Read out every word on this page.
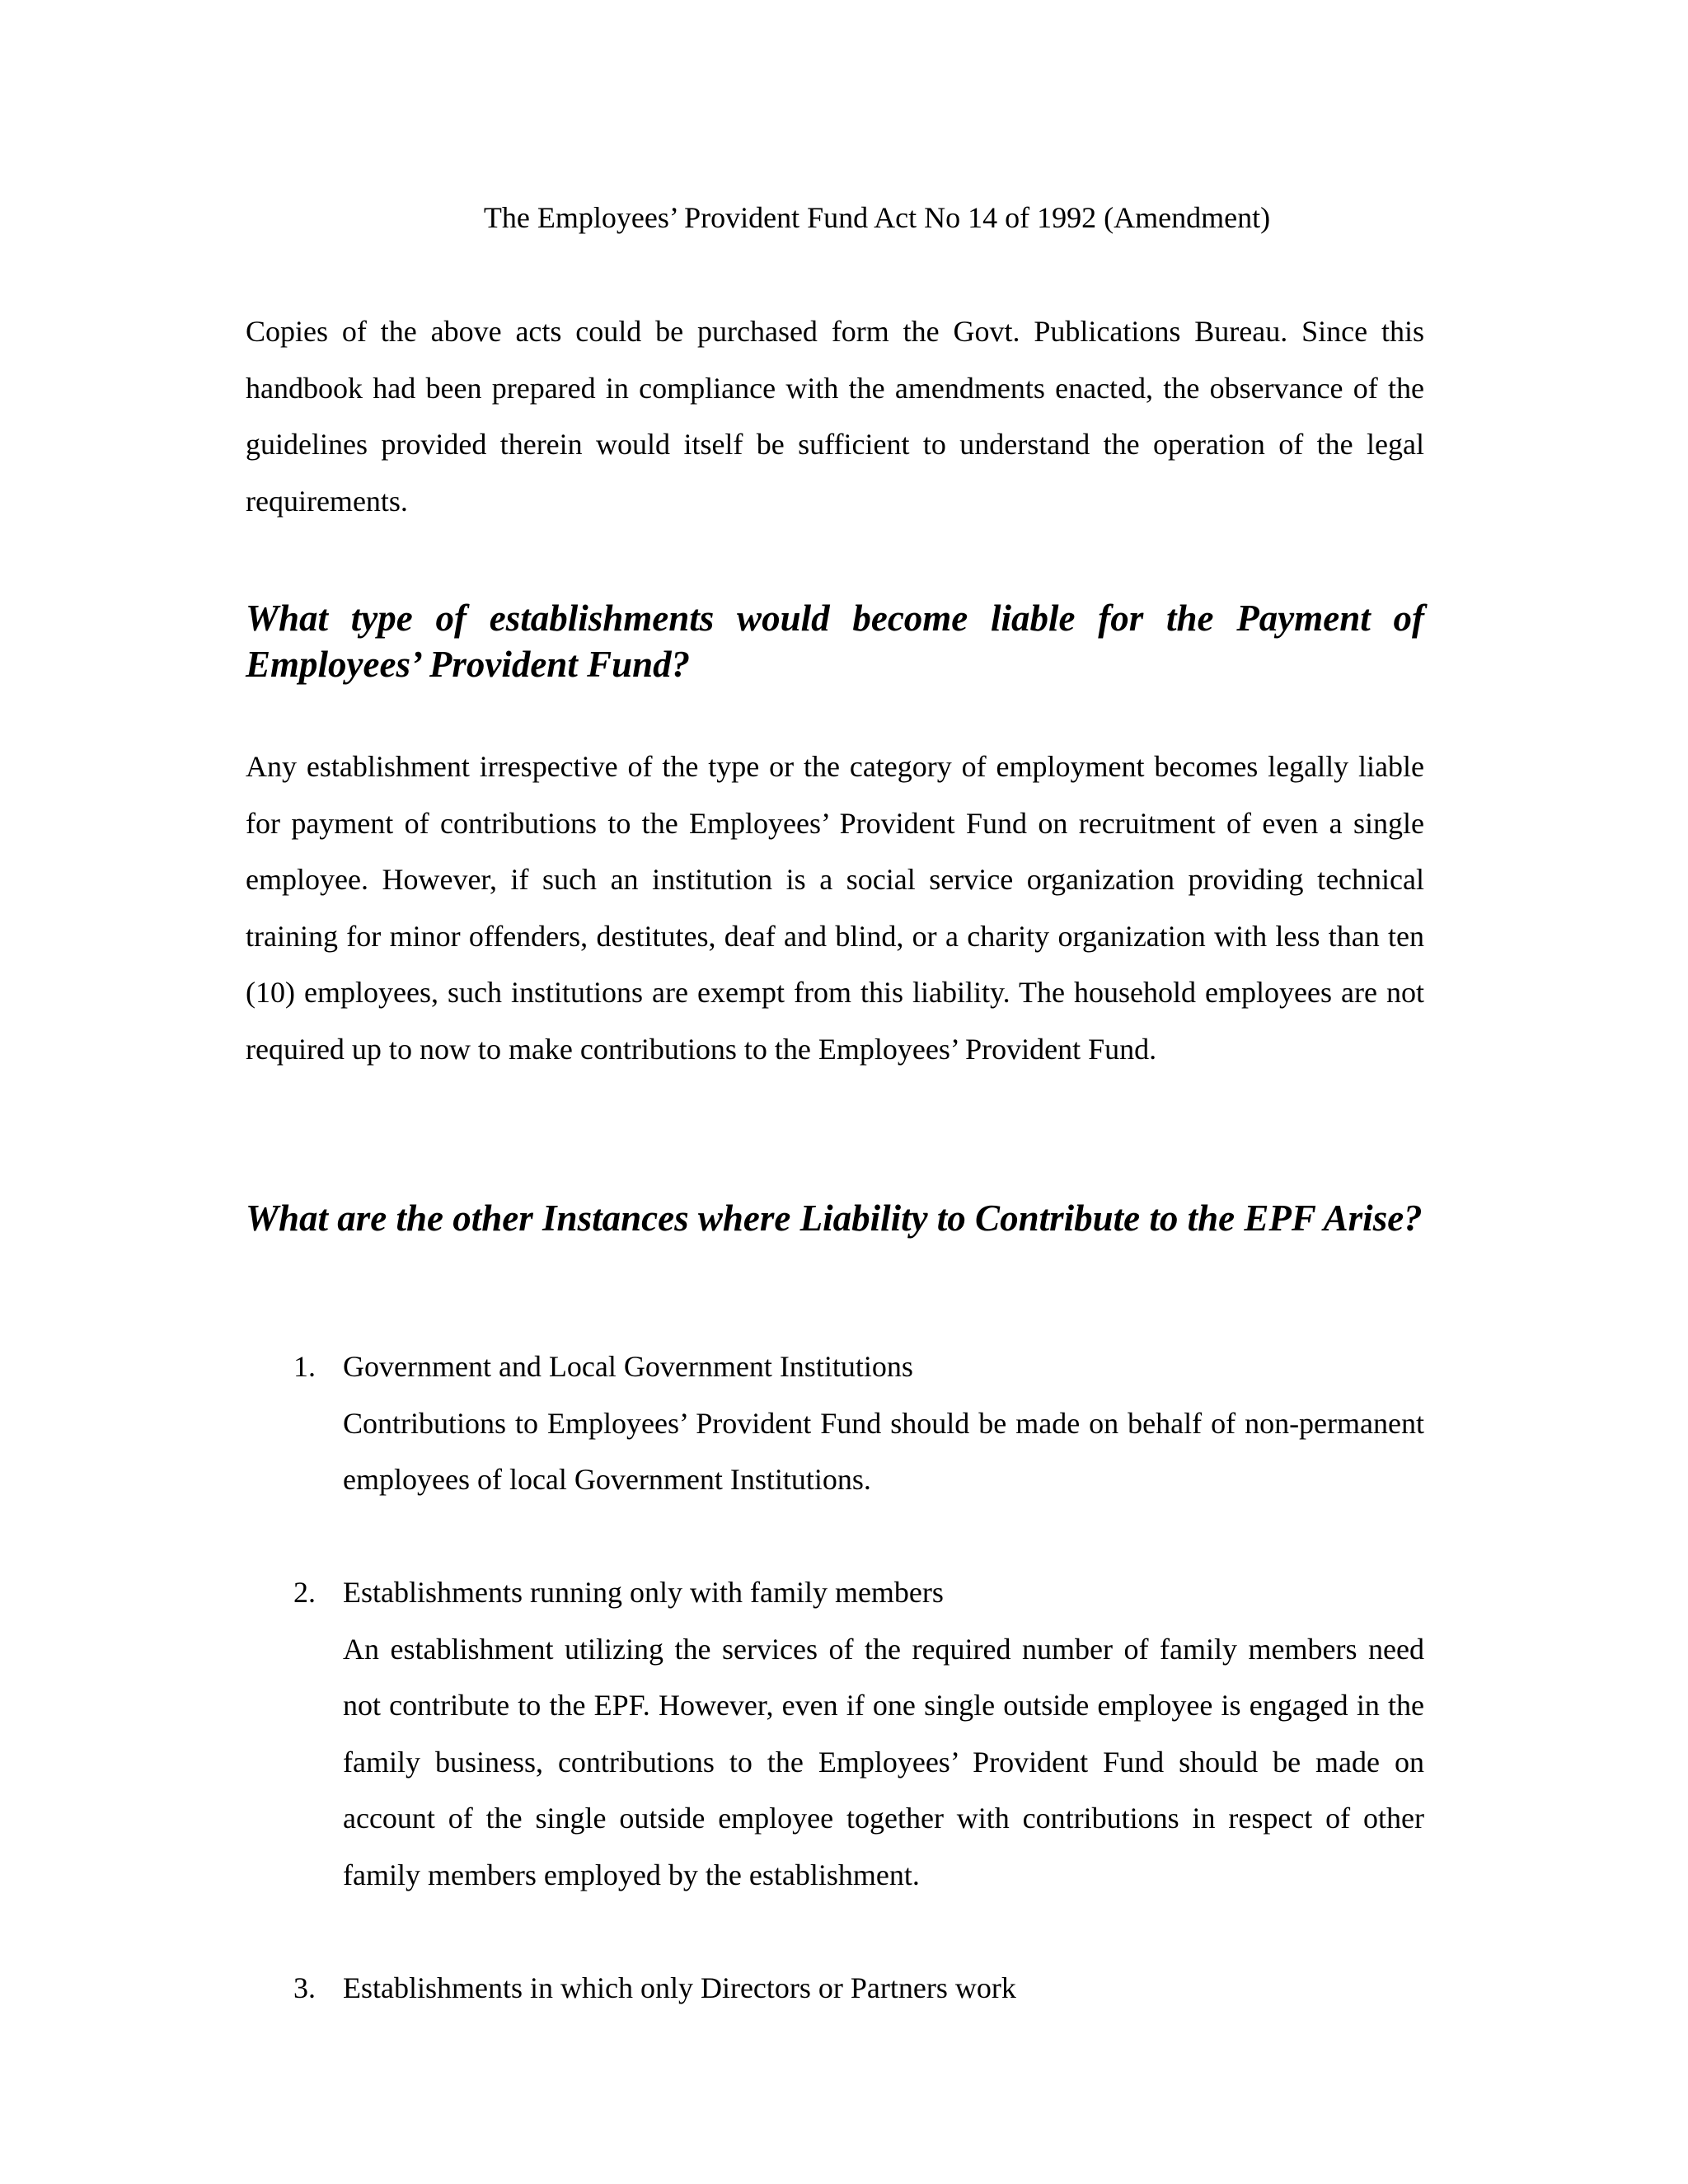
The Employees’ Provident Fund Act No 14 of 1992 (Amendment)

Copies of the above acts could be purchased form the Govt. Publications Bureau. Since this handbook had been prepared in compliance with the amendments enacted, the observance of the guidelines provided therein would itself be sufficient to understand the operation of the legal requirements.

What type of establishments would become liable for the Payment of Employees’ Provident Fund?

Any establishment irrespective of the type or the category of employment becomes legally liable for payment of contributions to the Employees’ Provident Fund on recruitment of even a single employee. However, if such an institution is a social service organization providing technical training for minor offenders, destitutes, deaf and blind, or a charity organization with less than ten (10) employees, such institutions are exempt from this liability. The household employees are not required up to now to make contributions to the Employees’ Provident Fund.

What are the other Instances where Liability to Contribute to the EPF Arise?
1. Government and Local Government Institutions

Contributions to Employees’ Provident Fund should be made on behalf of non-permanent employees of local Government Institutions.

2. Establishments running only with family members

An establishment utilizing the services of the required number of family members need not contribute to the EPF. However, even if one single outside employee is engaged in the family business, contributions to the Employees’ Provident Fund should be made on account of the single outside employee together with contributions in respect of other family members employed by the establishment.

3. Establishments in which only Directors or Partners work
